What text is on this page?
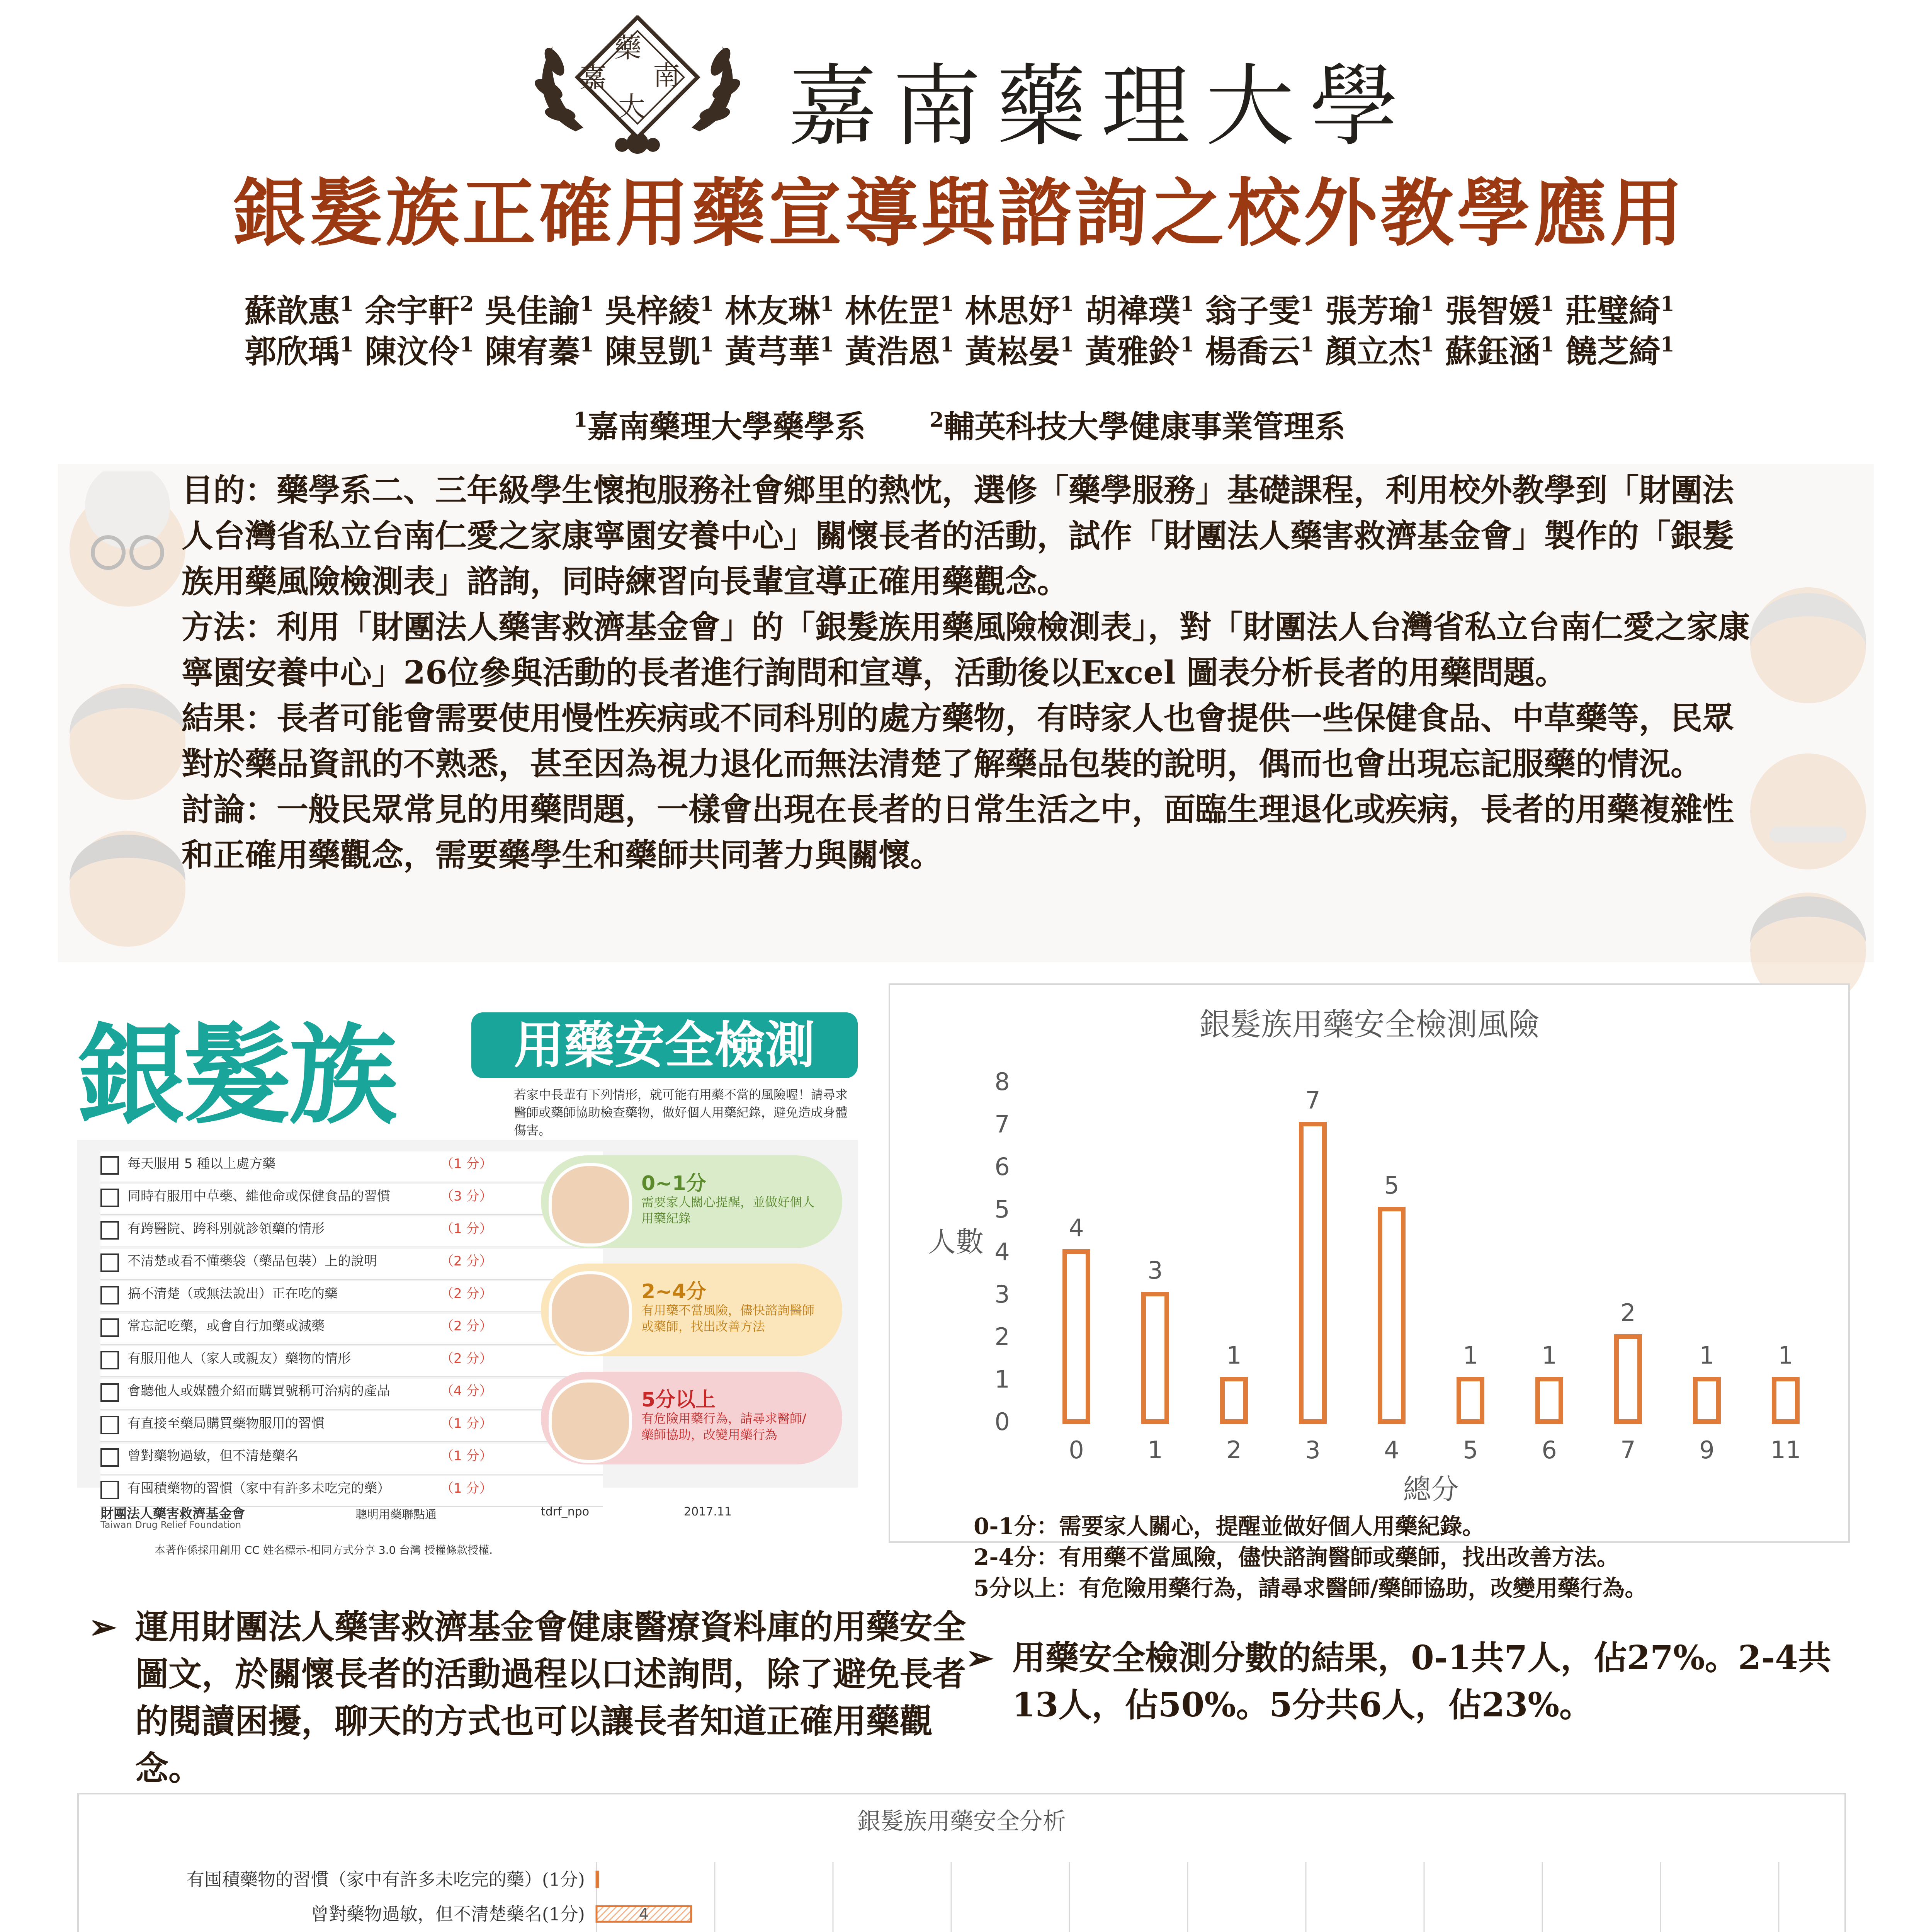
藥
南
嘉
大 嘉南藥理大學
銀髮族正確用藥宣導與諮詢之校外教學應用
蘇歆惠$^1$ 余宇軒$^2$ 吳佳諭$^1$ 吳梓綾$^1$ 林友琳$^1$ 林佐罡$^1$ 林思妤$^1$ 胡褘璞$^1$ 翁子雯$^1$ 張芳瑜$^1$ 張智媛$^1$ 莊璧綺$^1$
郭欣瑀$^1$ 陳汶伶$^1$ 陳宥蓁$^1$ 陳昱凱$^1$ 黃芎華$^1$ 黃浩恩$^1$ 黃崧晏$^1$ 黃雅鈴$^1$ 楊喬云$^1$ 顏立杰$^1$ 蘇鈺涵$^1$ 饒芝綺$^1$
$^1$嘉南藥理大學藥學系	$^2$輔英科技大學健康事業管理系

目的：藥學系二、三年級學生懷抱服務社會鄉里的熱忱，選修「藥學服務」基礎課程，利用校外教學到「財團法人台灣省私立台南仁愛之家康寧園安養中心」關懷長者的活動，試作「財團法人藥害救濟基金會」製作的「銀髮族用藥風險檢測表」諮詢，同時練習向長輩宣導正確用藥觀念。

方法：利用「財團法人藥害救濟基金會」的「銀髮族用藥風險檢測表」，對「財團法人台灣省私立台南仁愛之家康寧園安養中心」26位參與活動的長者進行詢問和宣導，活動後以Excel 圖表分析長者的用藥問題。

結果：長者可能會需要使用慢性疾病或不同科別的處方藥物，有時家人也會提供一些保健食品、中草藥等，民眾對於藥品資訊的不熟悉，甚至因為視力退化而無法清楚了解藥品包裝的說明，偶而也會出現忘記服藥的情況。

討論：一般民眾常見的用藥問題，一樣會出現在長者的日常生活之中，面臨生理退化或疾病，長者的用藥複雜性和正確用藥觀念，需要藥學生和藥師共同著力與關懷。

銀髮族	用藥安全檢測
若家中長輩有下列情形，就可能有用藥不當的風險喔！請尋求醫師或藥師協助檢查藥物，做好個人用藥紀錄，避免造成身體傷害。
每天服用 5 種以上處方藥	（1 分）
同時有服用中草藥、維他命或保健食品的習慣	（3 分）
有跨醫院、跨科別就診領藥的情形	（1 分）
不清楚或看不懂藥袋（藥品包裝）上的說明	（2 分）
搞不清楚（或無法說出）正在吃的藥	（2 分）
常忘記吃藥，或會自行加藥或減藥	（2 分）
有服用他人（家人或親友）藥物的情形	（2 分）
會聽他人或媒體介紹而購買號稱可治病的產品	（4 分）
有直接至藥局購買藥物服用的習慣	（1 分）
曾對藥物過敏，但不清楚藥名	（1 分）
有囤積藥物的習慣（家中有許多未吃完的藥）	（1 分）
0~1分
需要家人關心提醒，並做好個人用藥紀錄
2~4分
有用藥不當風險，儘快諮詢醫師或藥師，找出改善方法
5分以上
有危險用藥行為，請尋求醫師/藥師協助，改變用藥行為
財團法人藥害救濟基金會
Taiwan Drug Relief Foundation
聰明用藥聯點通	tdrf_npo	2017.11
本著作係採用創用 CC 姓名標示-相同方式分享 3.0 台灣 授權條款授權.
銀髮族用藥安全檢測風險
0
1
2
3
4
5
6
7
8
人數	4
0
3
1
1
2
7
3
5
4
1
5
1
6
2
7
1
9
1
11
總分
0-1分：需要家人關心，提醒並做好個人用藥紀錄。
2-4分：有用藥不當風險，儘快諮詢醫師或藥師，找出改善方法。
5分以上：有危險用藥行為，請尋求醫師/藥師協助，改變用藥行為。
➢ 運用財團法人藥害救濟基金會健康醫療資料庫的用藥安全圖文，於關懷長者的活動過程以口述詢問，除了避免長者的閱讀困擾，聊天的方式也可以讓長者知道正確用藥觀念。
➢ 用藥安全檢測分數的結果，0-1共7人，佔27%。2-4共13人，佔50%。5分共6人，佔23%。
銀髮族用藥安全分析
有囤積藥物的習慣（家中有許多未吃完的藥）(1分)
曾對藥物過敏，但不清楚藥名(1分)	4
